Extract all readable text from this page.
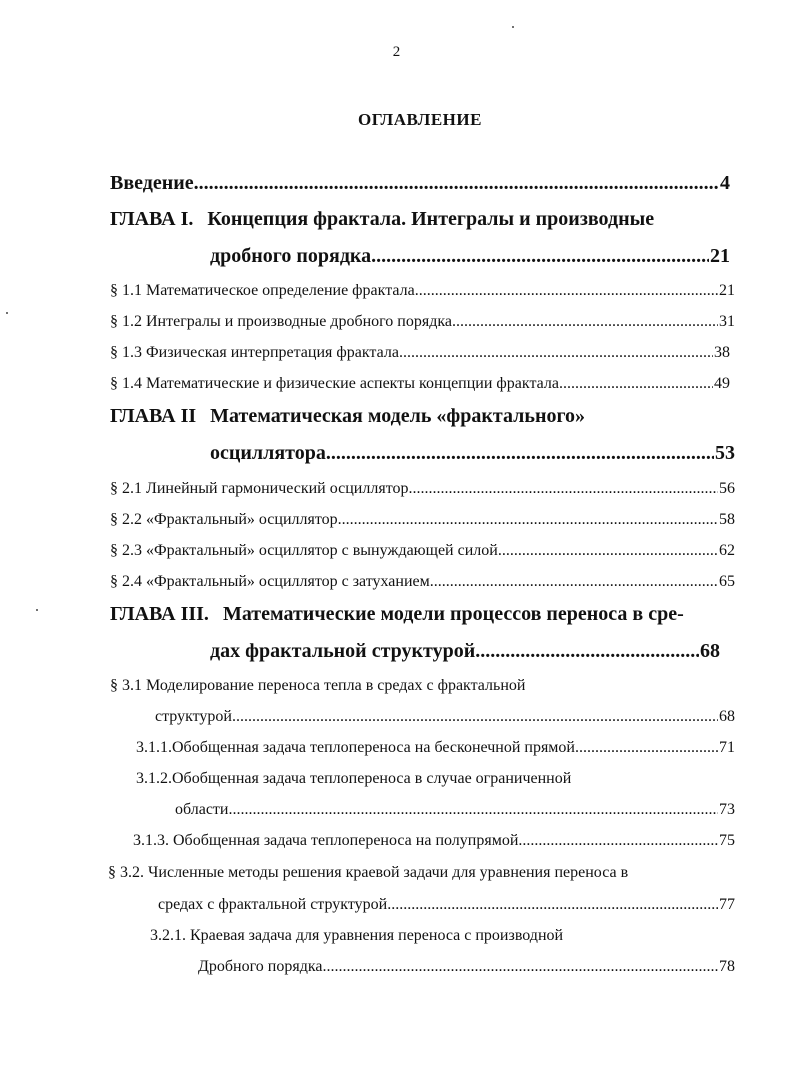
2
ОГЛАВЛЕНИЕ
Введение .....	4
ГЛАВА I. Концепция фрактала. Интегралы и производные
дробного порядка .....	21
§ 1.1 Математическое определение фрактала .....	21
§ 1.2 Интегралы и производные дробного порядка .....	31
§ 1.3 Физическая интерпретация фрактала .....	38
§ 1.4 Математические и физические аспекты концепции фрактала .....	49
ГЛАВА II Математическая модель «фрактального»
осциллятора .....	53
§ 2.1 Линейный гармонический осциллятор .....	56
§ 2.2 «Фрактальный» осциллятор .....	58
§ 2.3 «Фрактальный» осциллятор с вынуждающей силой .....	62
§ 2.4 «Фрактальный» осциллятор с затуханием .....	65
ГЛАВА III. Математические модели процессов переноса в сре-
дах фрактальной структурой .....	68
§ 3.1 Моделирование переноса тепла в средах с фрактальной
структурой .....	68
3.1.1.Обобщенная задача теплопереноса на бесконечной прямой .....	71
3.1.2.Обобщенная задача теплопереноса в случае ограниченной
области .....	73
3.1.3. Обобщенная задача теплопереноса на полупрямой .....	75
§ 3.2. Численные методы решения краевой задачи для уравнения переноса в
средах с фрактальной структурой .....	77
3.2.1. Краевая задача для уравнения переноса с производной
Дробного порядка .....	78
